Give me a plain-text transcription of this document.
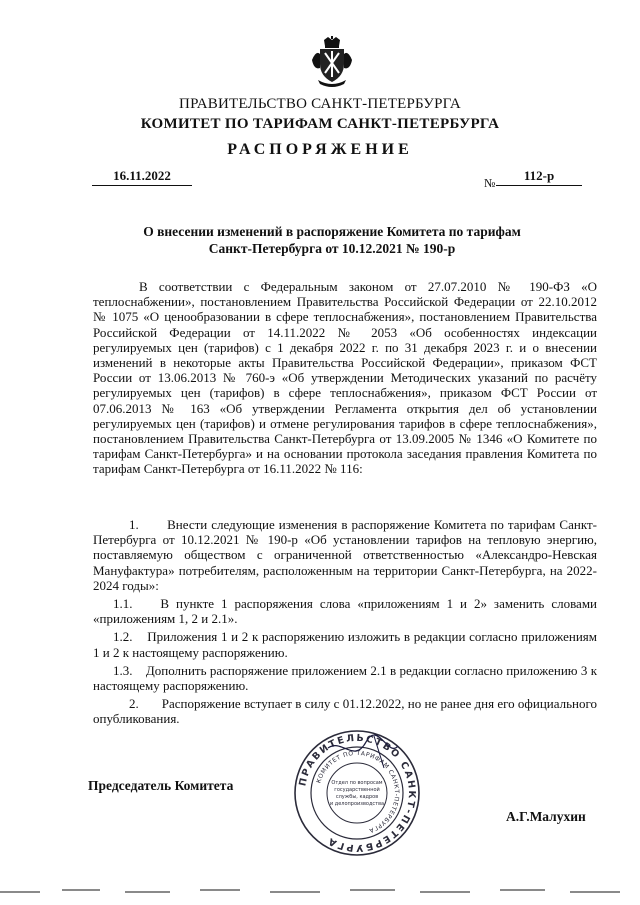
ПРАВИТЕЛЬСТВО САНКТ-ПЕТЕРБУРГА
КОМИТЕТ ПО ТАРИФАМ САНКТ-ПЕТЕРБУРГА
РАСПОРЯЖЕНИЕ
16.11.2022	№	112-р
О внесении изменений в распоряжение Комитета по тарифам
Санкт-Петербурга от 10.12.2021 № 190-р

В соответствии с Федеральным законом от 27.07.2010 № 190-ФЗ «О теплоснабжении», постановлением Правительства Российской Федерации от 22.10.2012 № 1075 «О ценообразовании в сфере теплоснабжения», постановлением Правительства Российской Федерации от 14.11.2022 № 2053 «Об особенностях индексации регулируемых цен (тарифов) с 1 декабря 2022 г. по 31 декабря 2023 г. и о внесении изменений в некоторые акты Правительства Российской Федерации», приказом ФСТ России от 13.06.2013 № 760-э «Об утверждении Методических указаний по расчёту регулируемых цен (тарифов) в сфере теплоснабжения», приказом ФСТ России от 07.06.2013 № 163 «Об утверждении Регламента открытия дел об установлении регулируемых цен (тарифов) и отмене регулирования тарифов в сфере теплоснабжения», постановлением Правительства Санкт-Петербурга от 13.09.2005 № 1346 «О Комитете по тарифам Санкт-Петербурга» и на основании протокола заседания правления Комитета по тарифам Санкт-Петербурга от 16.11.2022 № 116:

1. Внести следующие изменения в распоряжение Комитета по тарифам Санкт-Петербурга от 10.12.2021 № 190-р «Об установлении тарифов на тепловую энергию, поставляемую обществом с ограниченной ответственностью «Александро-Невская Мануфактура» потребителям, расположенным на территории Санкт-Петербурга, на 2022-2024 годы»:

1.1. В пункте 1 распоряжения слова «приложениям 1 и 2» заменить словами «приложениям 1, 2 и 2.1».

1.2. Приложения 1 и 2 к распоряжению изложить в редакции согласно приложениям 1 и 2 к настоящему распоряжению.

1.3. Дополнить распоряжение приложением 2.1 в редакции согласно приложению 3 к настоящему распоряжению.

2. Распоряжение вступает в силу с 01.12.2022, но не ранее дня его официального опубликования.

ПРАВИТЕЛЬСТВО САНКТ-ПЕТЕРБУРГА
КОМИТЕТ ПО ТАРИФАМ САНКТ-ПЕТЕРБУРГА
Отдел по вопросам
государственной
службы, кадров
и делопроизводства
Председатель Комитета
А.Г.Малухин
